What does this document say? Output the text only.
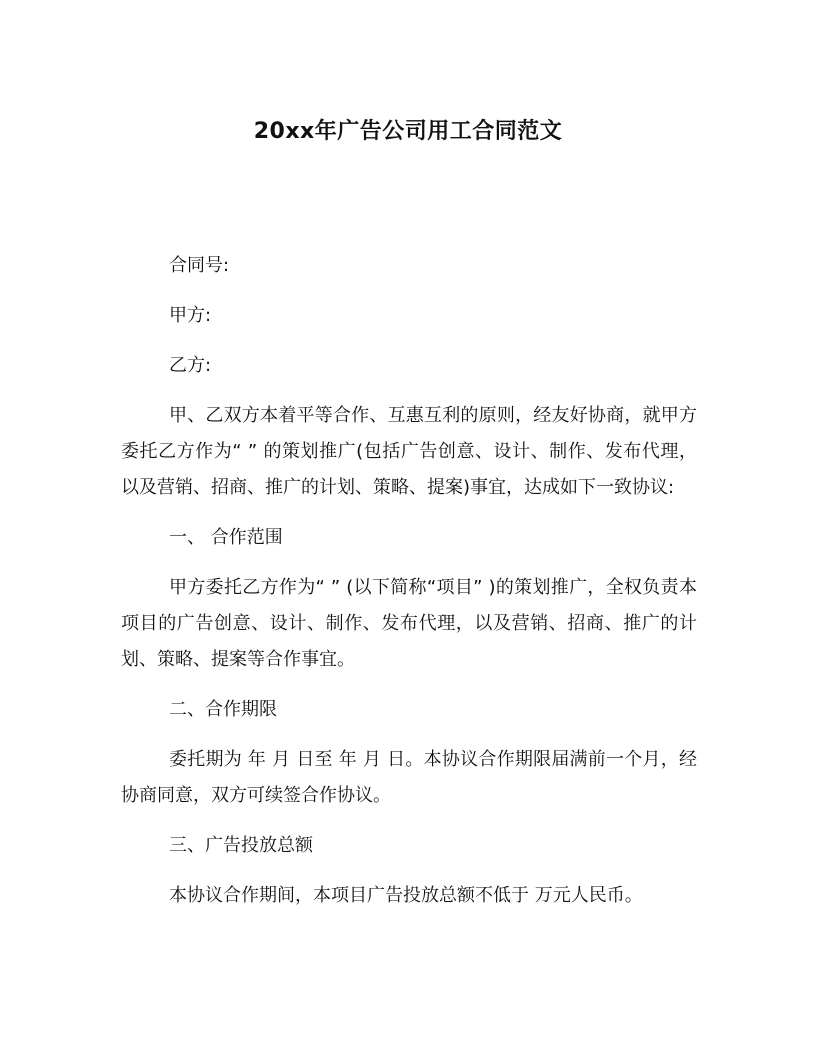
20xx年广告公司用工合同范文

合同号:

甲方:

乙方:

甲、乙双方本着平等合作、互惠互利的原则，经友好协商，就甲方委托乙方作为“ ” 的策划推广(包括广告创意、设计、制作、发布代理，以及营销、招商、推广的计划、策略、提案)事宜，达成如下一致协议:

一、 合作范围

甲方委托乙方作为“ ” (以下简称“项目” )的策划推广，全权负责本项目的广告创意、设计、制作、发布代理，以及营销、招商、推广的计划、策略、提案等合作事宜。

二、合作期限

委托期为 年 月 日至 年 月 日。本协议合作期限届满前一个月，经协商同意，双方可续签合作协议。

三、广告投放总额

本协议合作期间，本项目广告投放总额不低于 万元人民币。
